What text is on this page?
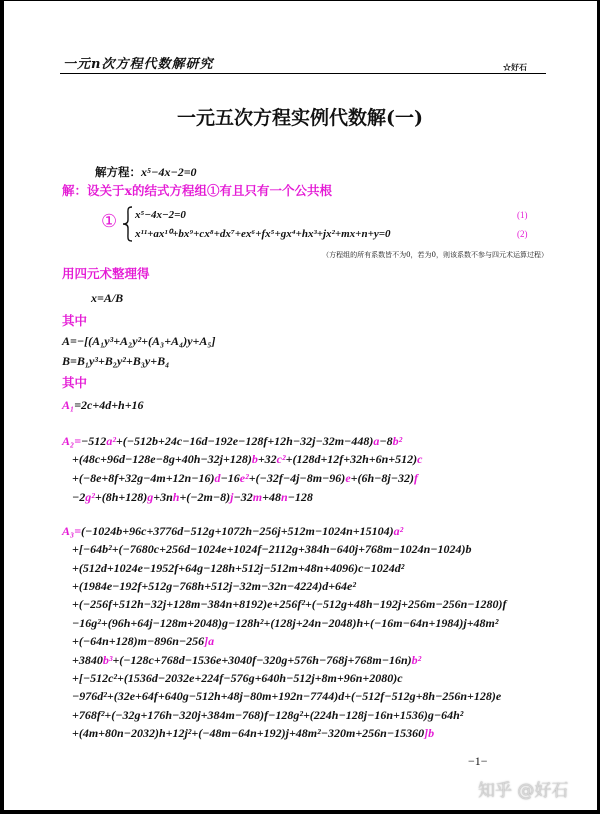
一元n次方程代数解研究	☆好石
一元五次方程实例代数解(一)
解方程：x⁵−4x−2=0
解：设关于x的结式方程组①有且只有一个公共根
① x⁵−4x−2=0
x¹¹+ax¹⁰+bx⁹+cx⁸+dx⁷+ex⁶+fx⁵+gx⁴+hx³+jx²+mx+n+y=0
(1)
(2)
（方程组的所有系数皆不为0，若为0，则该系数不参与四元术运算过程）
用四元术整理得
x=A/B
其中
A=−[(A₁y³+A₂y²+(A₃+A₄)y+A₅]
B=B₁y³+B₂y²+B₃y+B₄
其中
A₁=2c+4d+h+16
A₂=−512a²+(−512b+24c−16d−192e−128f+12h−32j−32m−448)a−8b²
+(48c+96d−128e−8g+40h−32j+128)b+32c²+(128d+12f+32h+6n+512)c
+(−8e+8f+32g−4m+12n−16)d−16e²+(−32f−4j−8m−96)e+(6h−8j−32)f
−2g²+(8h+128)g+3nh+(−2m−8)j−32m+48n−128
A₃=(−1024b+96c+3776d−512g+1072h−256j+512m−1024n+15104)a²
+[−64b²+(−7680c+256d−1024e+1024f−2112g+384h−640j+768m−1024n−1024)b
+(512d+1024e−1952f+64g−128h+512j−512m+48n+4096)c−1024d²
+(1984e−192f+512g−768h+512j−32m−32n−4224)d+64e²
+(−256f+512h−32j+128m−384n+8192)e+256f²+(−512g+48h−192j+256m−256n−1280)f
−16g²+(96h+64j−128m+2048)g−128h²+(128j+24n−2048)h+(−16m−64n+1984)j+48m²
+(−64n+128)m−896n−256]a
+3840b³+(−128c+768d−1536e+3040f−320g+576h−768j+768m−16n)b²
+[−512c²+(1536d−2032e+224f−576g+640h−512j+8m+96n+2080)c
−976d²+(32e+64f+640g−512h+48j−80m+192n−7744)d+(−512f−512g+8h−256n+128)e
+768f²+(−32g+176h−320j+384m−768)f−128g²+(224h−128j−16n+1536)g−64h²
+(4m+80n−2032)h+12j²+(−48m−64n+192)j+48m²−320m+256n−15360]b
−1−
知乎 @好石
